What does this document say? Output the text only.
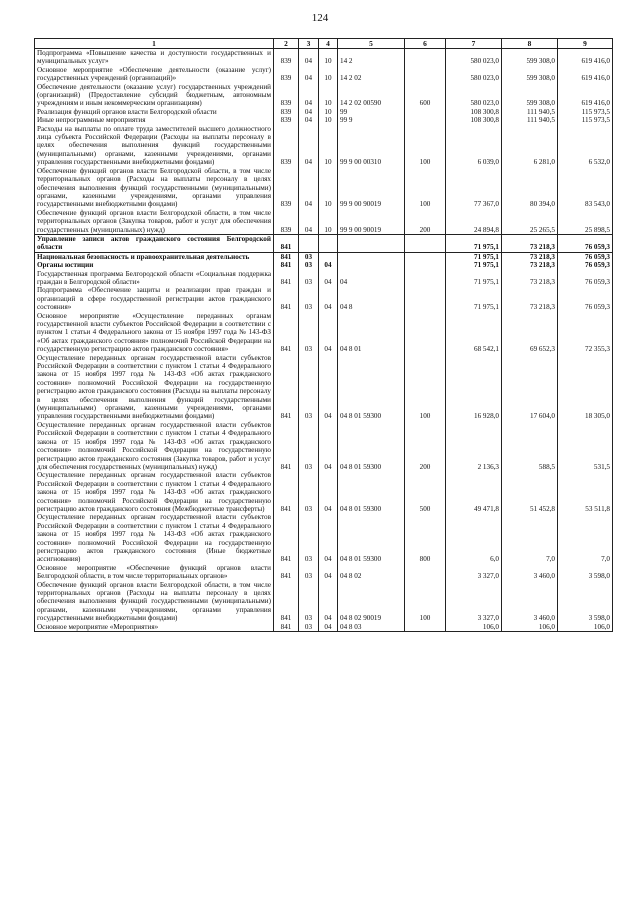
124
1	2	3	4	5	6	7	8	9
Подпрограмма «Повышение качества и доступности государственных и муниципальных услуг»	839	04	10	14 2		580 023,0	599 308,0	619 416,0
Основное мероприятие «Обеспечение деятельности (оказание услуг) государственных учреждений (организаций)»	839	04	10	14 2 02		580 023,0	599 308,0	619 416,0
Обеспечение деятельности (оказание услуг) государственных учреждений (организаций) (Предоставление субсидий бюджетным, автономным учреждениям и иным некоммерческим организациям)	839	04	10	14 2 02 00590	600	580 023,0	599 308,0	619 416,0
Реализация функций органов власти Белгородской области	839	04	10	99		108 300,8	111 940,5	115 973,5
Иные непрограммные мероприятия	839	04	10	99 9		108 300,8	111 940,5	115 973,5
Расходы на выплаты по оплате труда заместителей высшего должностного лица субъекта Российской Федерации (Расходы на выплаты персоналу в целях обеспечения выполнения функций государственными (муниципальными) органами, казенными учреждениями, органами управления государственными внебюджетными фондами)	839	04	10	99 9 00 00310	100	6 039,0	6 281,0	6 532,0
Обеспечение функций органов власти Белгородской области, в том числе территориальных органов (Расходы на выплаты персоналу в целях обеспечения выполнения функций государственными (муниципальными) органами, казенными учреждениями, органами управления государственными внебюджетными фондами)	839	04	10	99 9 00 90019	100	77 367,0	80 394,0	83 543,0
Обеспечение функций органов власти Белгородской области, в том числе территориальных органов (Закупка товаров, работ и услуг для обеспечения государственных (муниципальных) нужд)	839	04	10	99 9 00 90019	200	24 894,8	25 265,5	25 898,5
Управление записи актов гражданского состояния Белгородской области	841					71 975,1	73 218,3	76 059,3
Национальная безопасность и правоохранительная деятельность	841	03				71 975,1	73 218,3	76 059,3
Органы юстиции	841	03	04			71 975,1	73 218,3	76 059,3
Государственная программа Белгородской области «Социальная поддержка граждан в Белгородской области»	841	03	04	04		71 975,1	73 218,3	76 059,3
Подпрограмма «Обеспечение защиты и реализации прав граждан и организаций в сфере государственной регистрации актов гражданского состояния»	841	03	04	04 8		71 975,1	73 218,3	76 059,3
Основное мероприятие «Осуществление переданных органам государственной власти субъектов Российской Федерации в соответствии с пунктом 1 статьи 4 Федерального закона от 15 ноября 1997 года № 143-ФЗ «Об актах гражданского состояния» полномочий Российской Федерации на государственную регистрацию актов гражданского состояния»	841	03	04	04 8 01		68 542,1	69 652,3	72 355,3
Осуществление переданных органам государственной власти субъектов Российской Федерации в соответствии с пунктом 1 статьи 4 Федерального закона от 15 ноября 1997 года № 143-ФЗ «Об актах гражданского состояния» полномочий Российской Федерации на государственную регистрацию актов гражданского состояния (Расходы на выплаты персоналу в целях обеспечения выполнения функций государственными (муниципальными) органами, казенными учреждениями, органами управления государственными внебюджетными фондами)	841	03	04	04 8 01 59300	100	16 928,0	17 604,0	18 305,0
Осуществление переданных органам государственной власти субъектов Российской Федерации в соответствии с пунктом 1 статьи 4 Федерального закона от 15 ноября 1997 года № 143-ФЗ «Об актах гражданского состояния» полномочий Российской Федерации на государственную регистрацию актов гражданского состояния (Закупка товаров, работ и услуг для обеспечения государственных (муниципальных) нужд)	841	03	04	04 8 01 59300	200	2 136,3	588,5	531,5
Осуществление переданных органам государственной власти субъектов Российской Федерации в соответствии с пунктом 1 статьи 4 Федерального закона от 15 ноября 1997 года № 143-ФЗ «Об актах гражданского состояния» полномочий Российской Федерации на государственную регистрацию актов гражданского состояния (Межбюджетные трансферты)	841	03	04	04 8 01 59300	500	49 471,8	51 452,8	53 511,8
Осуществление переданных органам государственной власти субъектов Российской Федерации в соответствии с пунктом 1 статьи 4 Федерального закона от 15 ноября 1997 года № 143-ФЗ «Об актах гражданского состояния» полномочий Российской Федерации на государственную регистрацию актов гражданского состояния (Иные бюджетные ассигнования)	841	03	04	04 8 01 59300	800	6,0	7,0	7,0
Основное мероприятие «Обеспечение функций органов власти Белгородской области, в том числе территориальных органов»	841	03	04	04 8 02		3 327,0	3 460,0	3 598,0
Обеспечение функций органов власти Белгородской области, в том числе территориальных органов (Расходы на выплаты персоналу в целях обеспечения выполнения функций государственными (муниципальными) органами, казенными учреждениями, органами управления государственными внебюджетными фондами)	841	03	04	04 8 02 90019	100	3 327,0	3 460,0	3 598,0
Основное мероприятие «Мероприятия»	841	03	04	04 8 03		106,0	106,0	106,0
